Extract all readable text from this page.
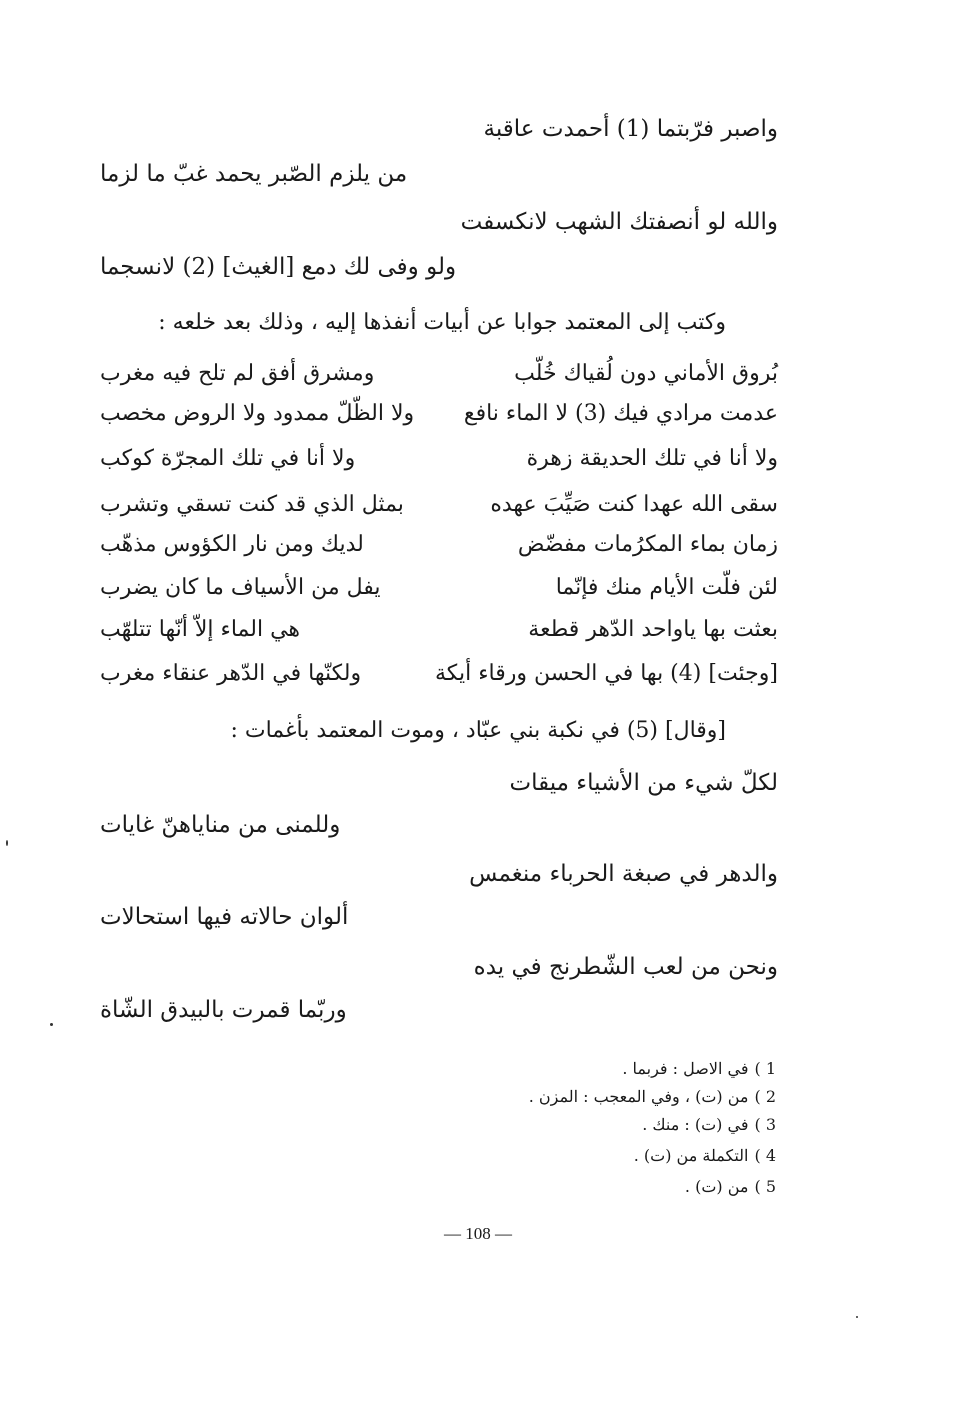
واصبر فرّبتما (1) أحمدت عاقبة

من يلزم الصّبر يحمد غبّ ما لزما

والله لو أنصفتك الشهب لانكسفت

ولو وفى لك دمع [الغيث] (2) لانسجما

وكتب إلى المعتمد جوابا عن أبيات أنفذها إليه ، وذلك بعد خلعه :

بُروق الأماني دون لُقياك خُلّب
ومشرق أفق لم تلح فيه مغرب
عدمت مرادي فيك (3) لا الماء نافع
ولا الظّلّ ممدود ولا الروض مخصب
ولا أنا في تلك الحديقة زهرة
ولا أنا في تلك المجرّة كوكب
سقى الله عهدا كنت صَيِّبَ عهده
بمثل الذي قد كنت تسقي وتشرب
زمان بماء المكرُمات مفضّض
لديك ومن نار الكؤوس مذهّب
لئن فلّت الأيام منك فإنّما
يفل من الأسياف ما كان يضرب
بعثت بها ياواحد الدّهر قطعة
هي الماء إلاّ أنّها تتلهّب
[وجئت] (4) بها في الحسن ورقاء أيكة
ولكنّها في الدّهر عنقاء مغرب

[وقال] (5) في نكبة بني عبّاد ، وموت المعتمد بأغمات :

لكلّ شيء من الأشياء ميقات

وللمنى من مناياهنّ غايات

والدهر في صبغة الحرباء منغمس

ألوان حالاته فيها استحالات

ونحن من لعب الشّطرنج في يده

وربّما قمرت بالبيدق الشّاة

1 )في الاصل : فربما .

2 )من (ت) ، وفي المعجب : المزن .

3 )في (ت) : منك .

4 )التكملة من (ت) .

5 )من (ت) .

— 108 —
